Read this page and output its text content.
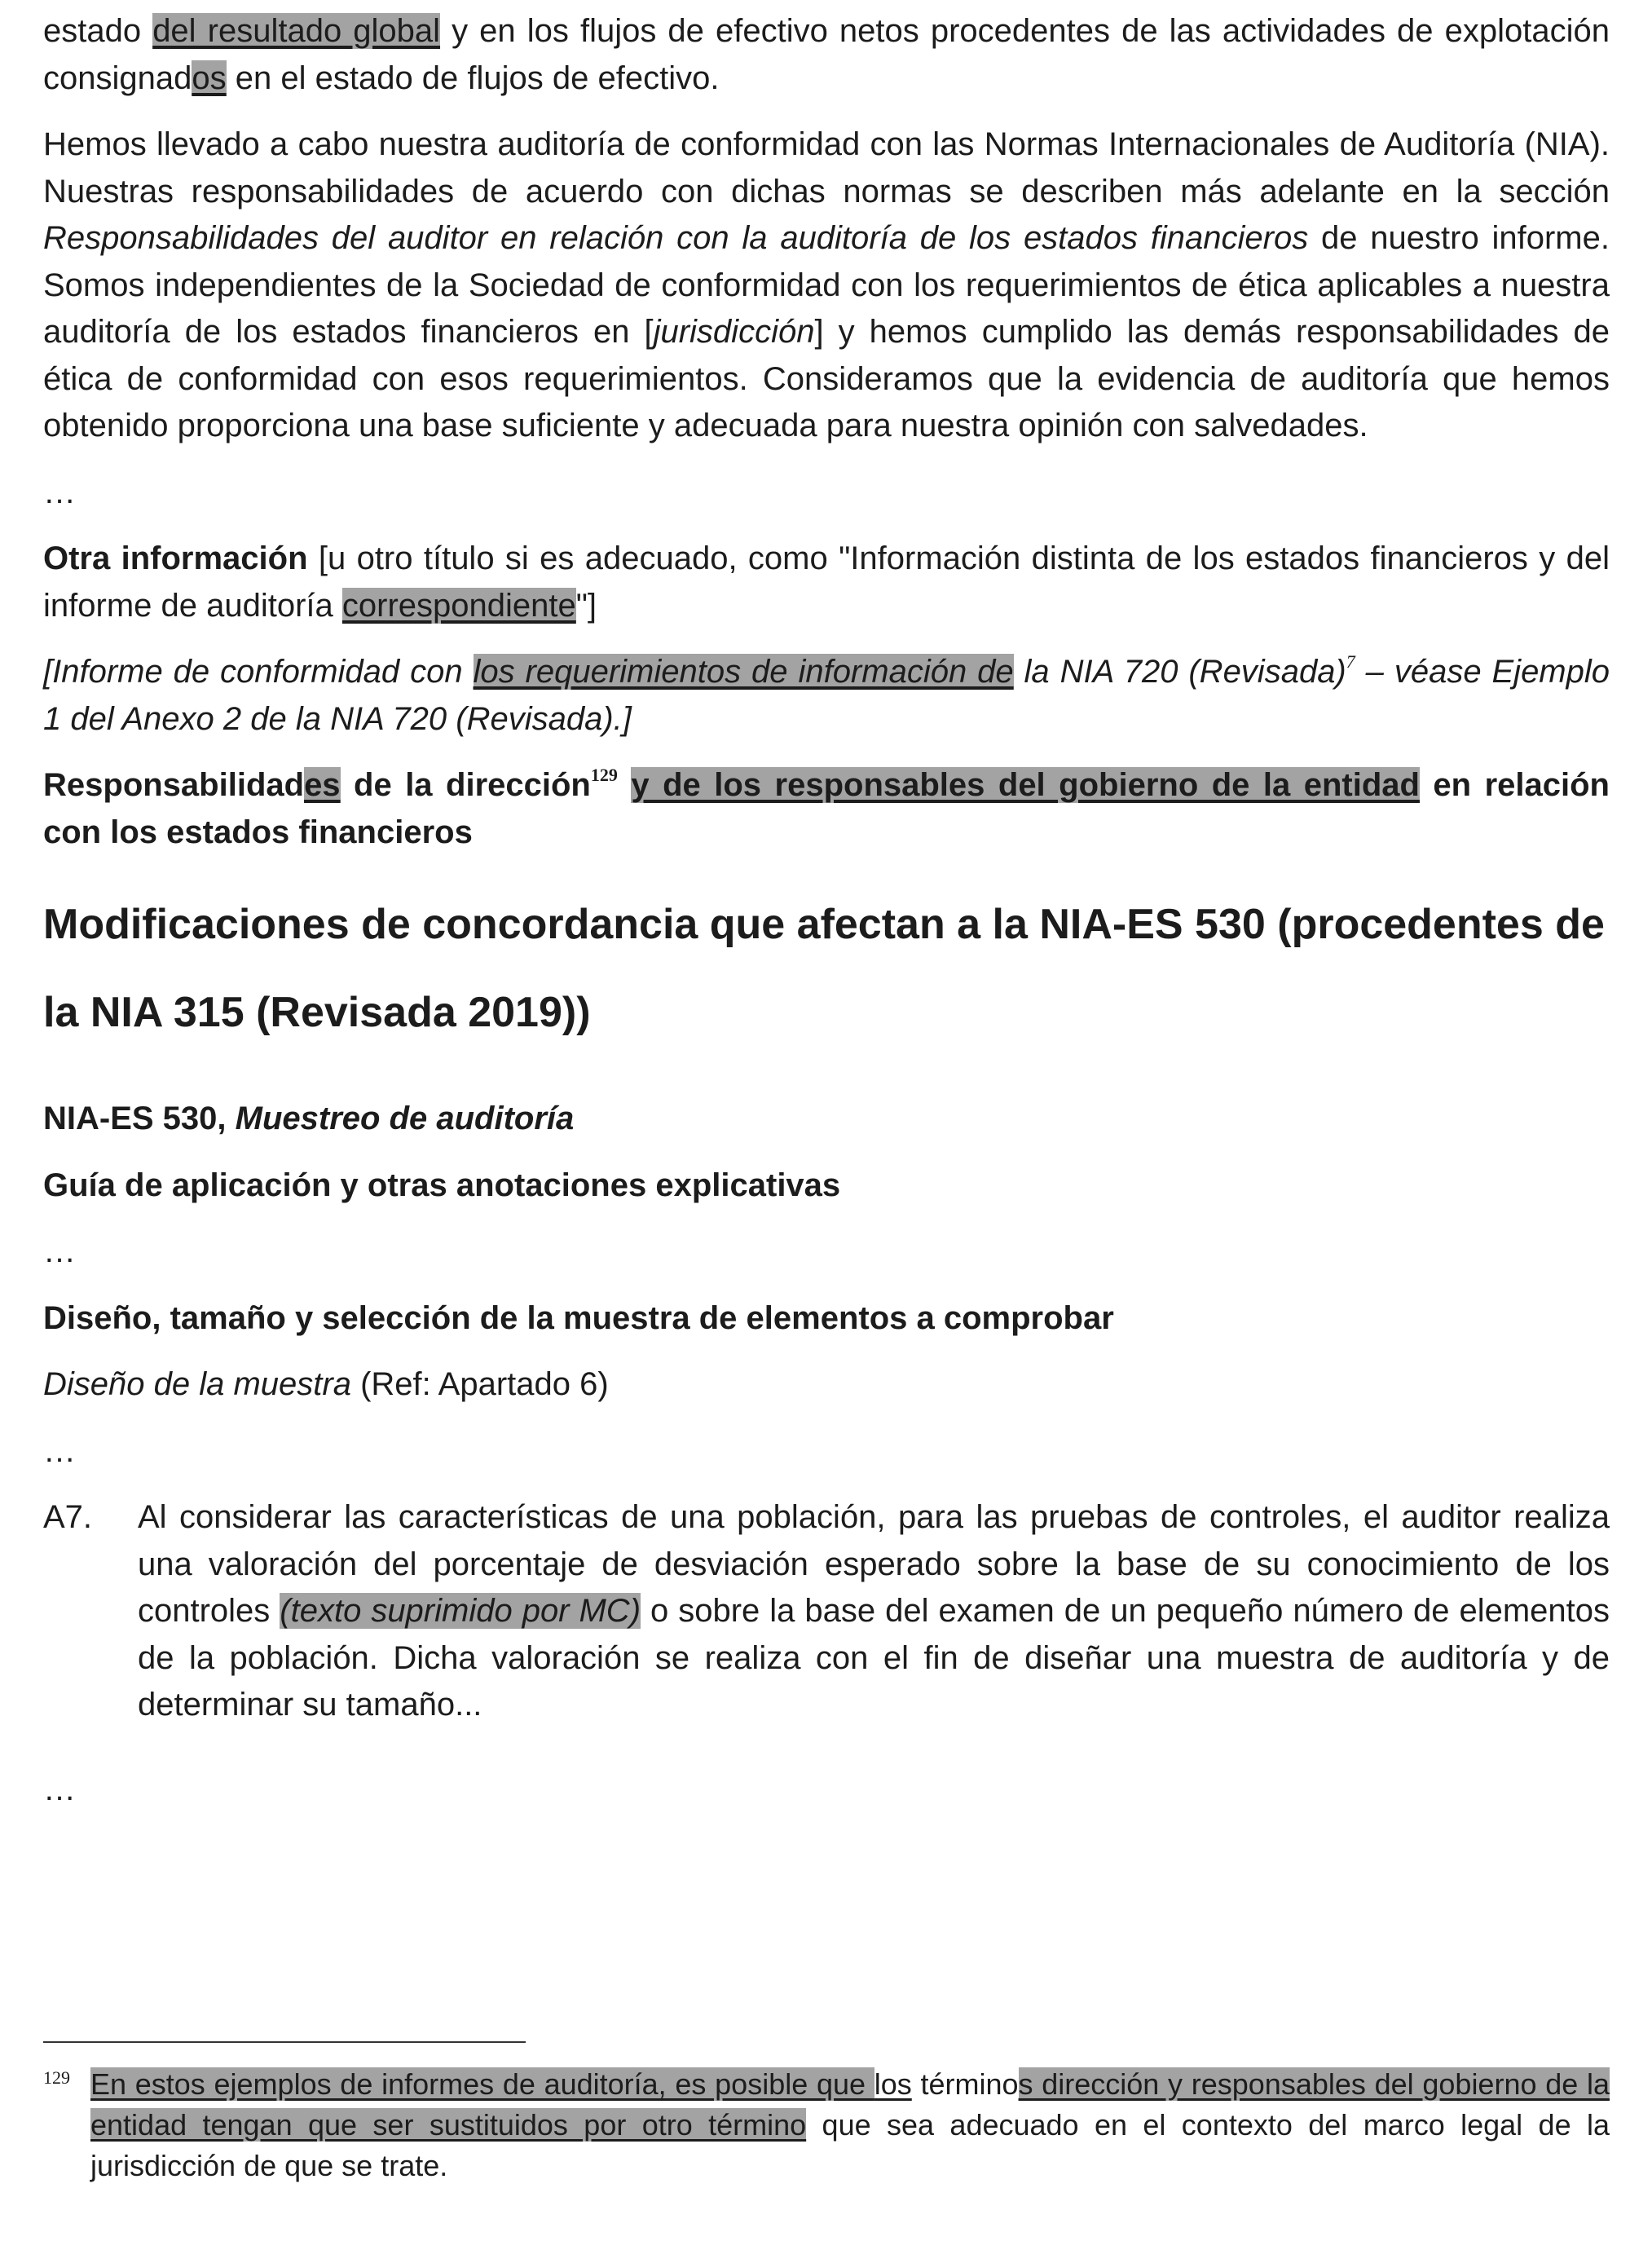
estado del resultado global y en los flujos de efectivo netos procedentes de las actividades de explotación consignados en el estado de flujos de efectivo.

Hemos llevado a cabo nuestra auditoría de conformidad con las Normas Internacionales de Auditoría (NIA). Nuestras responsabilidades de acuerdo con dichas normas se describen más adelante en la sección Responsabilidades del auditor en relación con la auditoría de los estados financieros de nuestro informe. Somos independientes de la Sociedad de conformidad con los requerimientos de ética aplicables a nuestra auditoría de los estados financieros en [jurisdicción] y hemos cumplido las demás responsabilidades de ética de conformidad con esos requerimientos. Consideramos que la evidencia de auditoría que hemos obtenido proporciona una base suficiente y adecuada para nuestra opinión con salvedades.

…

Otra información [u otro título si es adecuado, como "Información distinta de los estados financieros y del informe de auditoría correspondiente"]

[Informe de conformidad con los requerimientos de información de la NIA 720 (Revisada)$^7$ – véase Ejemplo 1 del Anexo 2 de la NIA 720 (Revisada).]

Responsabilidades de la dirección$^{129}$ y de los responsables del gobierno de la entidad en relación con los estados financieros

Modificaciones de concordancia que afectan a la NIA-ES 530 (procedentes de la NIA 315 (Revisada 2019))

NIA-ES 530, Muestreo de auditoría

Guía de aplicación y otras anotaciones explicativas

…

Diseño, tamaño y selección de la muestra de elementos a comprobar

Diseño de la muestra (Ref: Apartado 6)

…

A7.	Al considerar las características de una población, para las pruebas de controles, el auditor realiza una valoración del porcentaje de desviación esperado sobre la base de su conocimiento de los controles (texto suprimido por MC) o sobre la base del examen de un pequeño número de elementos de la población. Dicha valoración se realiza con el fin de diseñar una muestra de auditoría y de determinar su tamaño...

…

129 En estos ejemplos de informes de auditoría, es posible que los términos dirección y responsables del gobierno de la entidad tengan que ser sustituidos por otro término que sea adecuado en el contexto del marco legal de la jurisdicción de que se trate.
